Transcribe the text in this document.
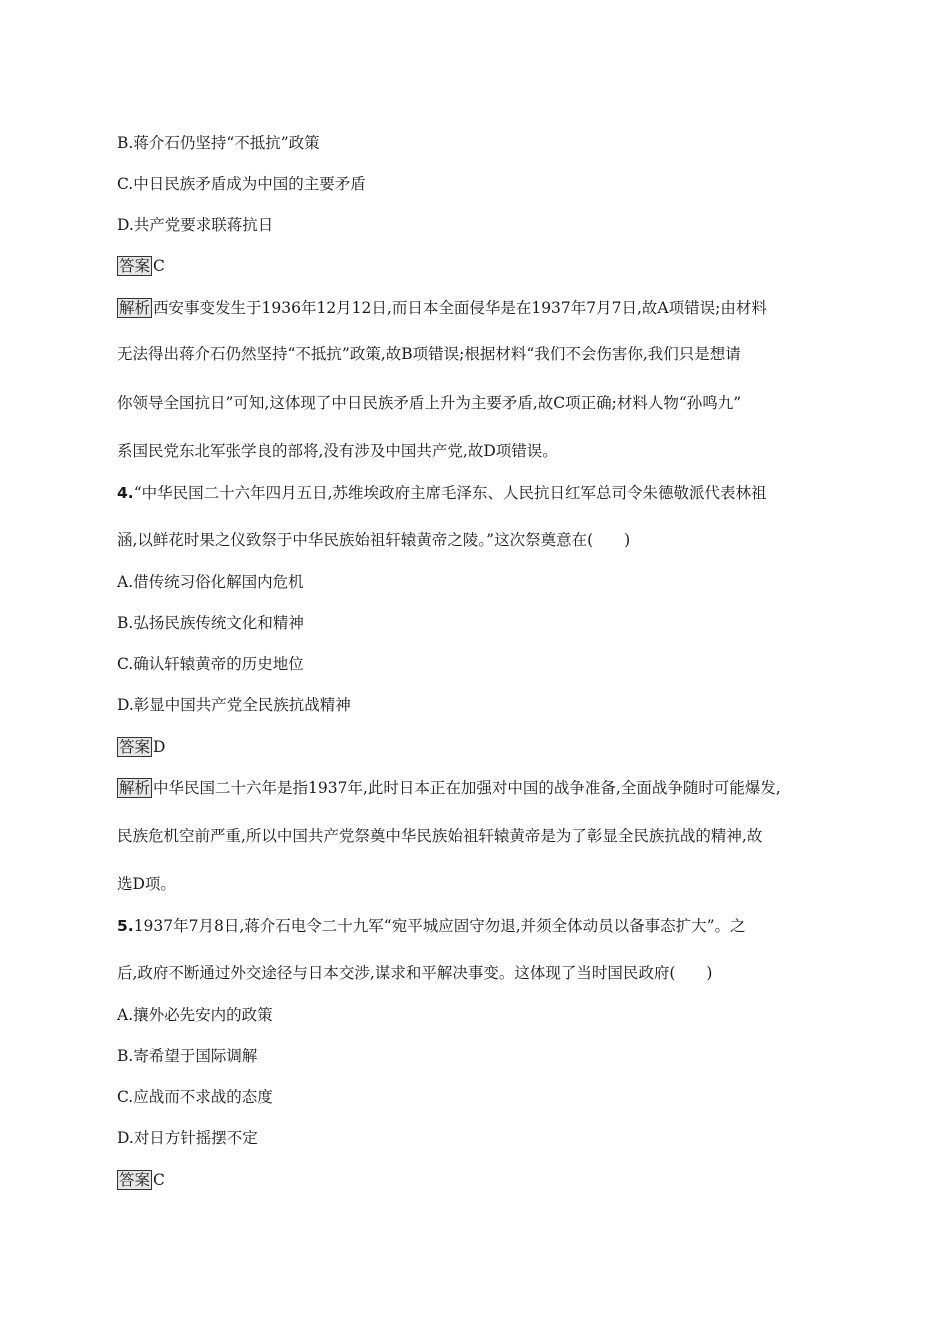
B.蒋介石仍坚持“不抵抗”政策
C.中日民族矛盾成为中国的主要矛盾
D.共产党要求联蒋抗日
答案 C
解析 西安事变发生于1936年12月12日,而日本全面侵华是在1937年7月7日,故A项错误;由材料
无法得出蒋介石仍然坚持“不抵抗”政策,故B项错误;根据材料“我们不会伤害你,我们只是想请
你领导全国抗日”可知,这体现了中日民族矛盾上升为主要矛盾,故C项正确;材料人物“孙鸣九”
系国民党东北军张学良的部将,没有涉及中国共产党,故D项错误。
4.“中华民国二十六年四月五日,苏维埃政府主席毛泽东、人民抗日红军总司令朱德敬派代表林祖
涵,以鲜花时果之仪致祭于中华民族始祖轩辕黄帝之陵。”这次祭奠意在(　　)
A.借传统习俗化解国内危机
B.弘扬民族传统文化和精神
C.确认轩辕黄帝的历史地位
D.彰显中国共产党全民族抗战精神
答案 D
解析 中华民国二十六年是指1937年,此时日本正在加强对中国的战争准备,全面战争随时可能爆发,
民族危机空前严重,所以中国共产党祭奠中华民族始祖轩辕黄帝是为了彰显全民族抗战的精神,故
选D项。
5.1937年7月8日,蒋介石电令二十九军“宛平城应固守勿退,并须全体动员以备事态扩大”。之
后,政府不断通过外交途径与日本交涉,谋求和平解决事变。这体现了当时国民政府(　　)
A.攘外必先安内的政策
B.寄希望于国际调解
C.应战而不求战的态度
D.对日方针摇摆不定
答案 C
